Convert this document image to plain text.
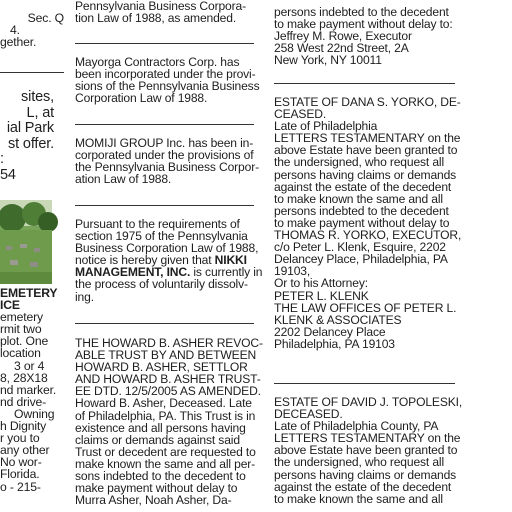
Sec. Q

4.

gether.

sites,

L, at

ial Park

st offer.

:

54

EMETERY

ICE

emetery

rmit two

plot. One

location

3 or 4

8, 28X18

nd marker.

nd drive-

Owning

h Dignity

r you to

any other

No wor-

Florida.

o - 215-

Pennsylvania Business Corpora-

tion Law of 1988, as amended.

Mayorga Contractors Corp. has

been incorporated under the provi-

sions of the Pennsylvania Business

Corporation Law of 1988.

MOMIJI GROUP Inc. has been in-

corporated under the provisions of

the Pennsylvania Business Corpor-

ation Law of 1988.

Pursuant to the requirements of

section 1975 of the Pennsylvania

Business Corporation Law of 1988,

notice is hereby given that NIKKI

MANAGEMENT, INC. is currently in

the process of voluntarily dissolv-

ing.

THE HOWARD B. ASHER REVOC-

ABLE TRUST BY AND BETWEEN

HOWARD B. ASHER, SETTLOR

AND HOWARD B. ASHER TRUST-

EE DTD. 12/5/2005 AS AMENDED.

Howard B. Asher, Deceased. Late

of Philadelphia, PA. This Trust is in

existence and all persons having

claims or demands against said

Trust or decedent are requested to

make known the same and all per-

sons indebted to the decedent to

make payment without delay to

Murra Asher, Noah Asher, Da-

persons indebted to the decedent

to make payment without delay to:

Jeffrey M. Rowe, Executor

258 West 22nd Street, 2A

New York, NY 10011

ESTATE OF DANA S. YORKO, DE-

CEASED.

Late of Philadelphia

LETTERS TESTAMENTARY on the

above Estate have been granted to

the undersigned, who request all

persons having claims or demands

against the estate of the decedent

to make known the same and all

persons indebted to the decedent

to make payment without delay to

THOMAS R. YORKO, EXECUTOR,

c/o Peter L. Klenk, Esquire, 2202

Delancey Place, Philadelphia, PA

19103,

Or to his Attorney:

PETER L. KLENK

THE LAW OFFICES OF PETER L.

KLENK & ASSOCIATES

2202 Delancey Place

Philadelphia, PA 19103

ESTATE OF DAVID J. TOPOLESKI,

DECEASED.

Late of Philadelphia County, PA

LETTERS TESTAMENTARY on the

above Estate have been granted to

the undersigned, who request all

persons having claims or demands

against the estate of the decedent

to make known the same and all
